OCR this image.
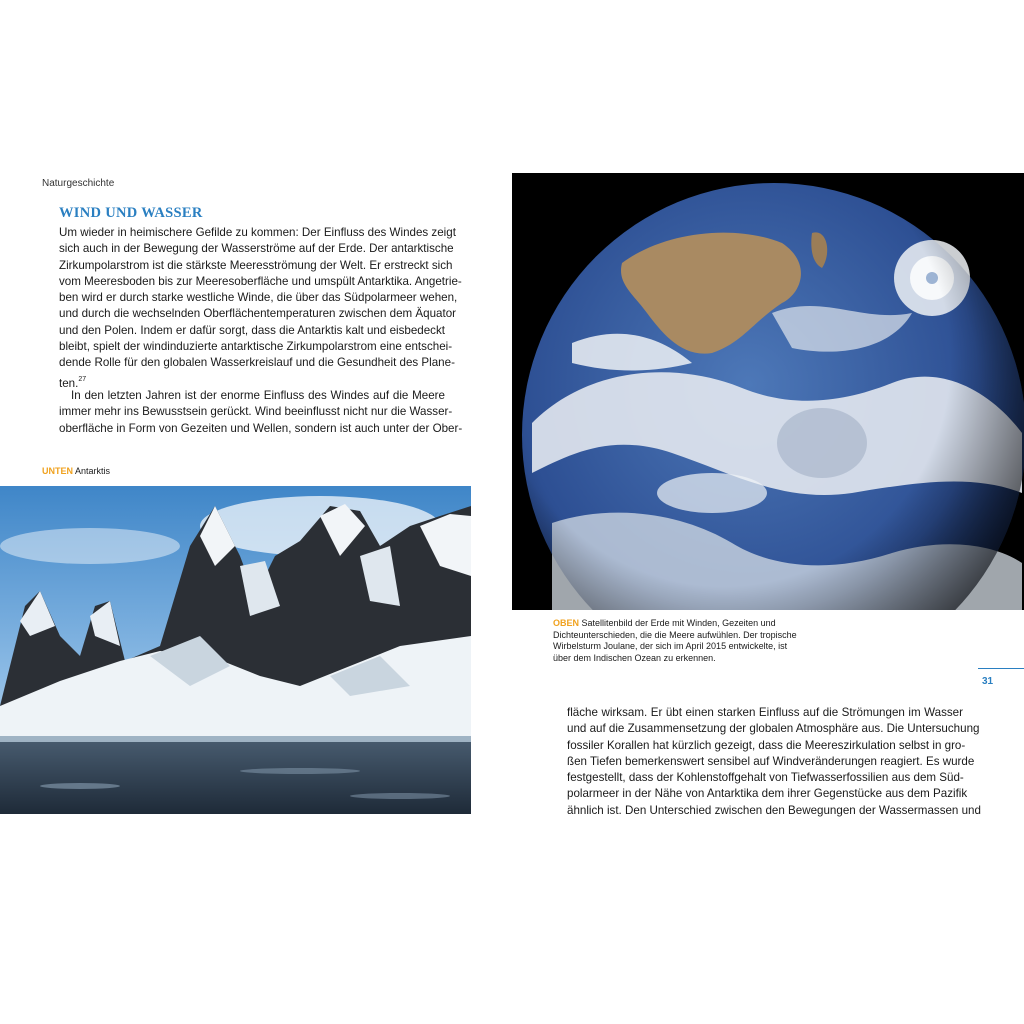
Naturgeschichte
WIND UND WASSER
Um wieder in heimischere Gefilde zu kommen: Der Einfluss des Windes zeigt
sich auch in der Bewegung der Wasserströme auf der Erde. Der antarktische
Zirkumpolarstrom ist die stärkste Meeresströmung der Welt. Er erstreckt sich
vom Meeresboden bis zur Meeresoberfläche und umspült Antarktika. Angetrie-
ben wird er durch starke westliche Winde, die über das Südpolarmeer wehen,
und durch die wechselnden Oberflächentemperaturen zwischen dem Äquator
und den Polen. Indem er dafür sorgt, dass die Antarktis kalt und eisbedeckt
bleibt, spielt der windinduzierte antarktische Zirkumpolarstrom eine entschei-
dende Rolle für den globalen Wasserkreislauf und die Gesundheit des Plane-
ten.$^{27}$
In den letzten Jahren ist der enorme Einfluss des Windes auf die Meere
immer mehr ins Bewusstsein gerückt. Wind beeinflusst nicht nur die Wasser-
oberfläche in Form von Gezeiten und Wellen, sondern ist auch unter der Ober-
UNTEN Antarktis
OBEN Satellitenbild der Erde mit Winden, Gezeiten und
Dichteunterschieden, die die Meere aufwühlen. Der tropische
Wirbelsturm Joulane, der sich im April 2015 entwickelte, ist
über dem Indischen Ozean zu erkennen.
31
fläche wirksam. Er übt einen starken Einfluss auf die Strömungen im Wasser
und auf die Zusammensetzung der globalen Atmosphäre aus. Die Untersuchung
fossiler Korallen hat kürzlich gezeigt, dass die Meereszirkulation selbst in gro-
ßen Tiefen bemerkenswert sensibel auf Windveränderungen reagiert. Es wurde
festgestellt, dass der Kohlenstoffgehalt von Tiefwasserfossilien aus dem Süd-
polarmeer in der Nähe von Antarktika dem ihrer Gegenstücke aus dem Pazifik
ähnlich ist. Den Unterschied zwischen den Bewegungen der Wassermassen und
